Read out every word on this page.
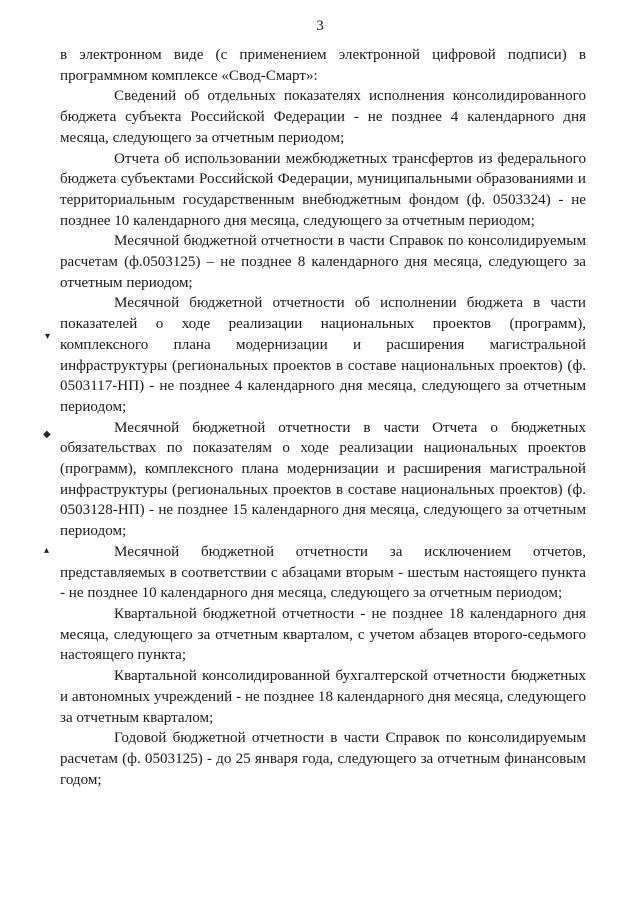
3
▾
◆
▴

в электронном виде (с применением электронной цифровой подписи) в программном комплексе «Свод-Смарт»:

Сведений об отдельных показателях исполнения консолидированного бюджета субъекта Российской Федерации - не позднее 4 календарного дня месяца, следующего за отчетным периодом;

Отчета об использовании межбюджетных трансфертов из федерального бюджета субъектами Российской Федерации, муниципальными образованиями и территориальным государственным внебюджетным фондом (ф. 0503324) - не позднее 10 календарного дня месяца, следующего за отчетным периодом;

Месячной бюджетной отчетности в части Справок по консолидируемым расчетам (ф.0503125) – не позднее 8 календарного дня месяца, следующего за отчетным периодом;

Месячной бюджетной отчетности об исполнении бюджета в части показателей о ходе реализации национальных проектов (программ), комплексного плана модернизации и расширения магистральной инфраструктуры (региональных проектов в составе национальных проектов) (ф. 0503117-НП) - не позднее 4 календарного дня месяца, следующего за отчетным периодом;

Месячной бюджетной отчетности в части Отчета о бюджетных обязательствах по показателям о ходе реализации национальных проектов (программ), комплексного плана модернизации и расширения магистральной инфраструктуры (региональных проектов в составе национальных проектов) (ф. 0503128-НП) - не позднее 15 календарного дня месяца, следующего за отчетным периодом;

Месячной бюджетной отчетности за исключением отчетов, представляемых в соответствии с абзацами вторым - шестым настоящего пункта - не позднее 10 календарного дня месяца, следующего за отчетным периодом;

Квартальной бюджетной отчетности - не позднее 18 календарного дня месяца, следующего за отчетным кварталом, с учетом абзацев второго-седьмого настоящего пункта;

Квартальной консолидированной бухгалтерской отчетности бюджетных и автономных учреждений - не позднее 18 календарного дня месяца, следующего за отчетным кварталом;

Годовой бюджетной отчетности в части Справок по консолидируемым расчетам (ф. 0503125) - до 25 января года, следующего за отчетным финансовым годом;
